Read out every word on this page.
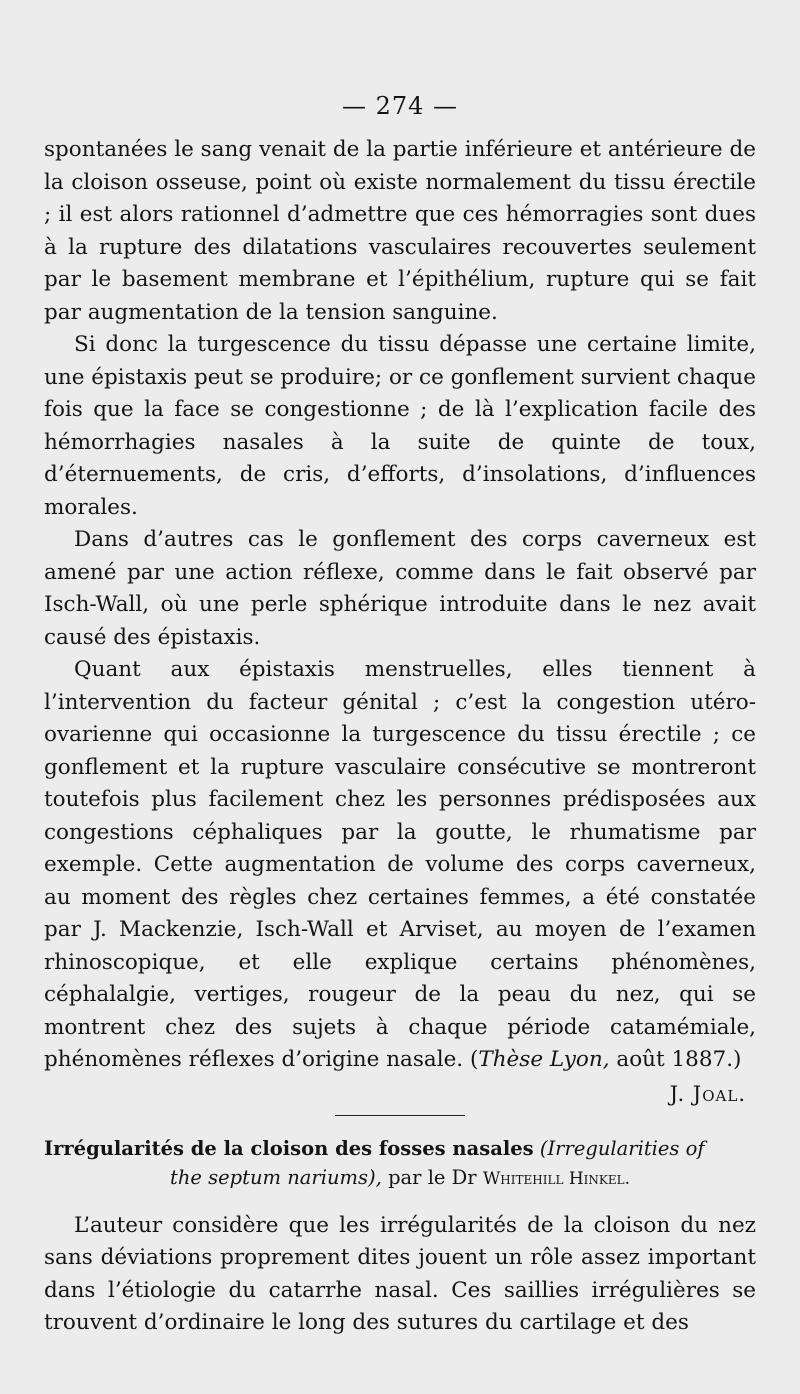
— 274 —

spontanées le sang venait de la partie inférieure et antérieure de la cloison osseuse, point où existe normalement du tissu érectile ; il est alors rationnel d’admettre que ces hémorragies sont dues à la rupture des dilatations vasculaires recouvertes seulement par le basement membrane et l’épithélium, rupture qui se fait par augmentation de la tension sanguine.

Si donc la turgescence du tissu dépasse une certaine limite, une épistaxis peut se produire; or ce gonflement survient chaque fois que la face se congestionne ; de là l’explication facile des hémorrhagies nasales à la suite de quinte de toux, d’éternuements, de cris, d’efforts, d’insolations, d’influences morales.

Dans d’autres cas le gonflement des corps caverneux est amené par une action réflexe, comme dans le fait observé par Isch-Wall, où une perle sphérique introduite dans le nez avait causé des épistaxis.

Quant aux épistaxis menstruelles, elles tiennent à l’intervention du facteur génital ; c’est la congestion utéro-ovarienne qui occasionne la turgescence du tissu érectile ; ce gonflement et la rupture vasculaire consécutive se montreront toutefois plus facilement chez les personnes prédisposées aux congestions céphaliques par la goutte, le rhumatisme par exemple. Cette augmentation de volume des corps caverneux, au moment des règles chez certaines femmes, a été constatée par J. Mackenzie, Isch-Wall et Arviset, au moyen de l’examen rhinoscopique, et elle explique certains phénomènes, céphalalgie, vertiges, rougeur de la peau du nez, qui se montrent chez des sujets à chaque période catamémiale, phénomènes réflexes d’origine nasale. (Thèse Lyon, août 1887.)

J. Joal.
Irrégularités de la cloison des fosses nasales (Irregularities of
the septum nariums), par le Dr Whitehill Hinkel.

L’auteur considère que les irrégularités de la cloison du nez sans déviations proprement dites jouent un rôle assez important dans l’étiologie du catarrhe nasal. Ces saillies irrégulières se trouvent d’ordinaire le long des sutures du cartilage et des
